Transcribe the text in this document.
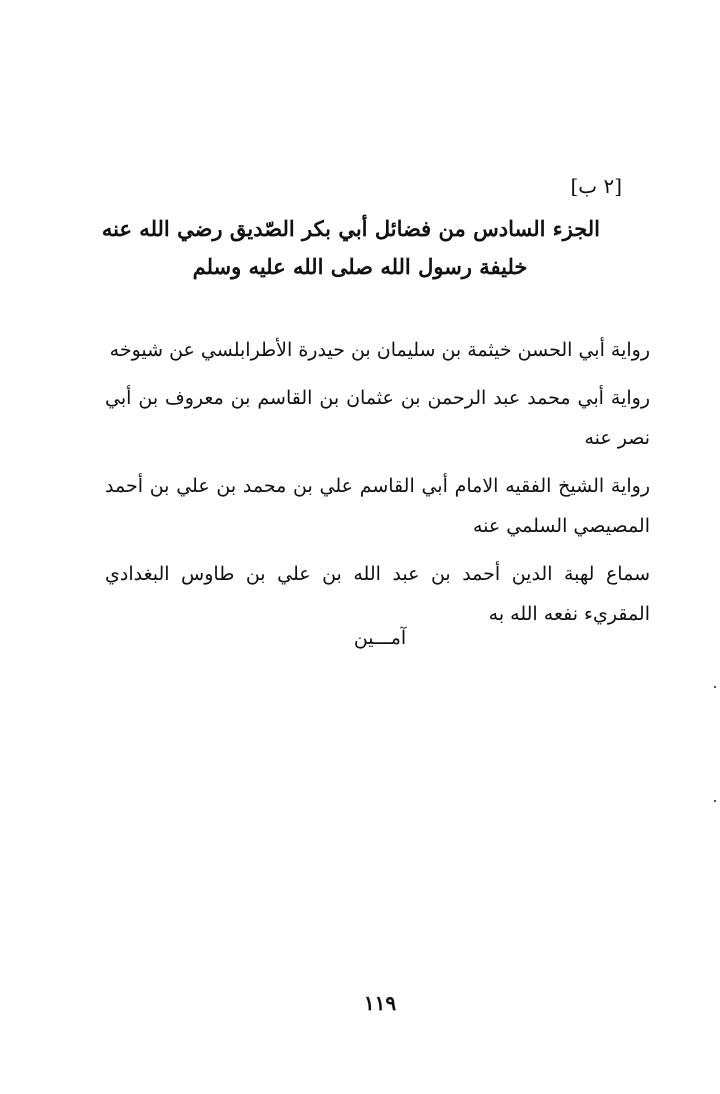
[٢ ب]
الجزء السادس من فضائل أبي بكر الصّديق رضي الله عنه
خليفة رسول الله صلى الله عليه وسلم
رواية أبي الحسن خيثمة بن سليمان بن حيدرة الأطرابلسي عن شيوخه
رواية أبي محمد عبد الرحمن بن عثمان بن القاسم بن معروف بن أبي نصر عنه
رواية الشيخ الفقيه الامام أبي القاسم علي بن محمد بن علي بن أحمد المصيصي السلمي عنه
سماع لهبة الدين أحمد بن عبد الله بن علي بن طاوس البغدادي المقريء نفعه الله به
آمـــين
١١٩
